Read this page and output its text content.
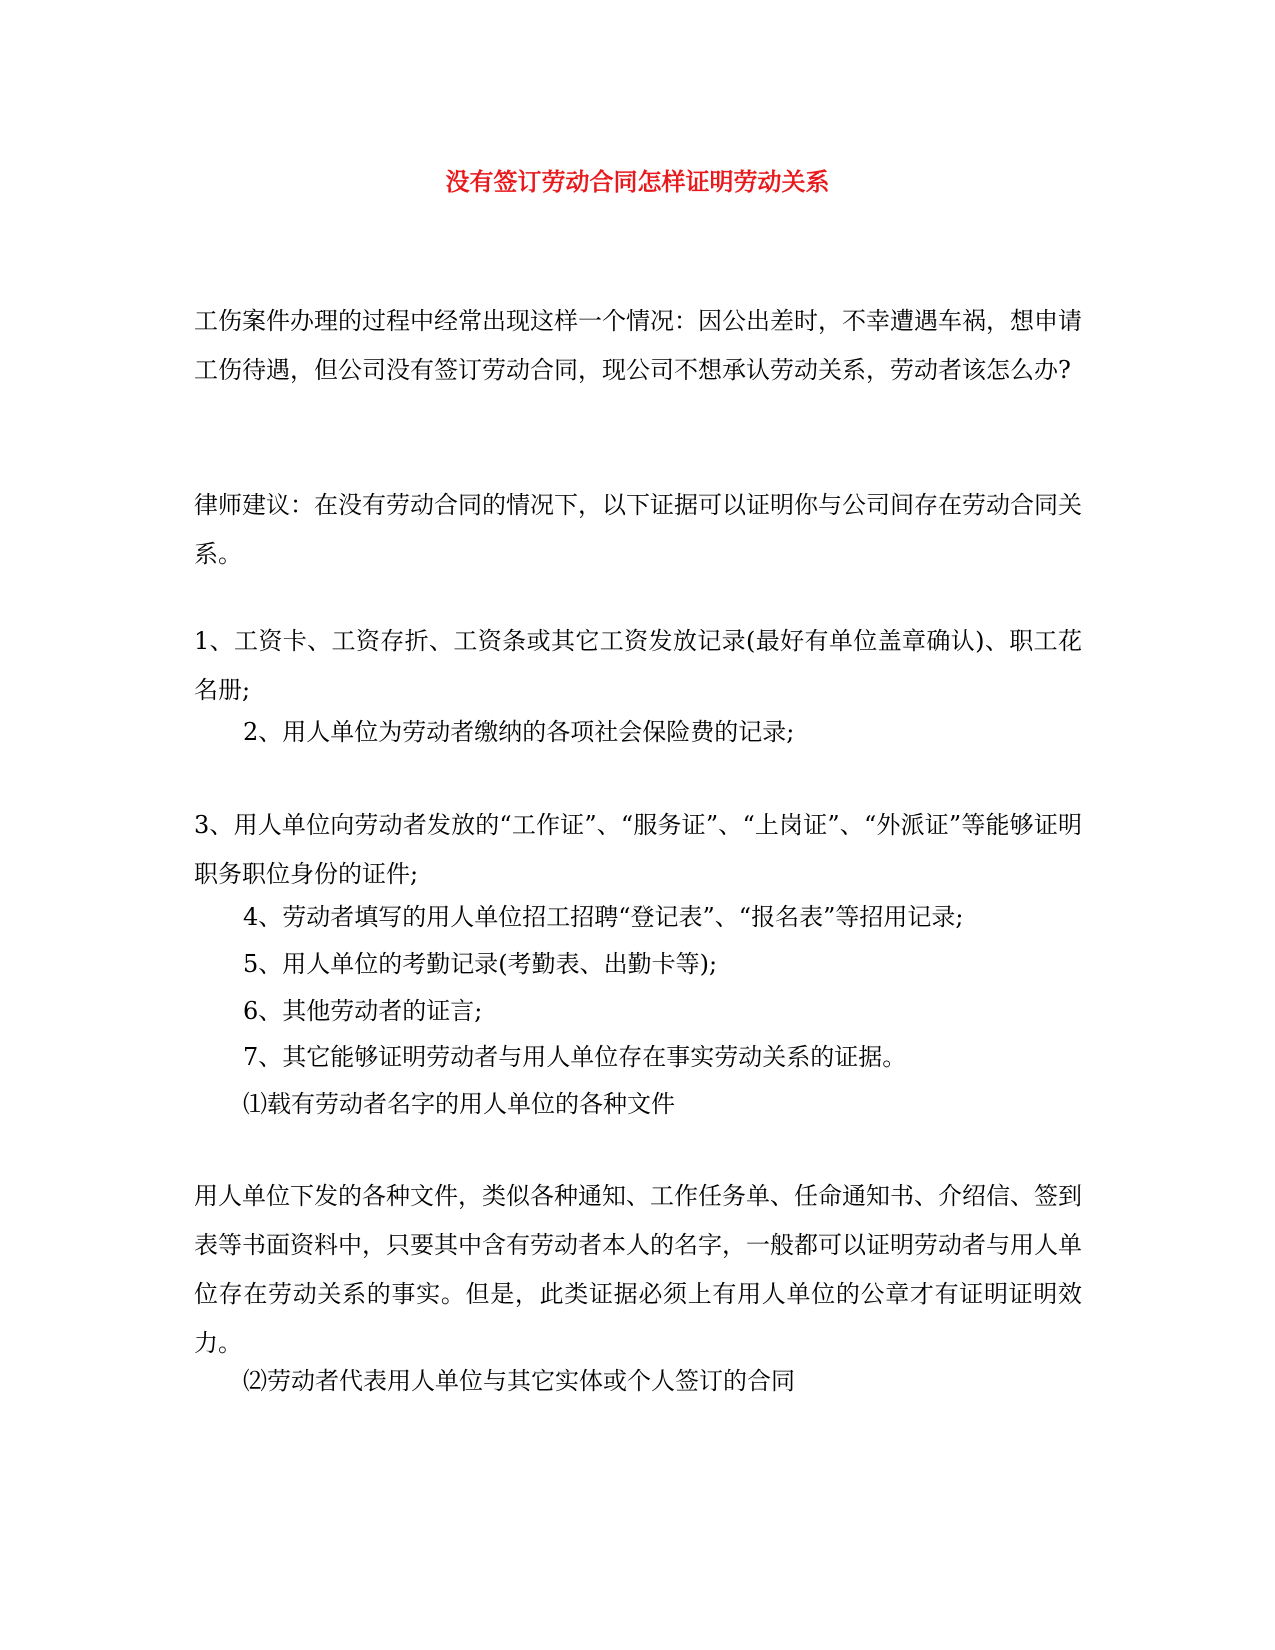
没有签订劳动合同怎样证明劳动关系

工伤案件办理的过程中经常出现这样一个情况：因公出差时，不幸遭遇车祸，想申请工伤待遇，但公司没有签订劳动合同，现公司不想承认劳动关系，劳动者该怎么办?

律师建议：在没有劳动合同的情况下，以下证据可以证明你与公司间存在劳动合同关系。

1、工资卡、工资存折、工资条或其它工资发放记录(最好有单位盖章确认)、职工花名册;

2、用人单位为劳动者缴纳的各项社会保险费的记录;

3、用人单位向劳动者发放的“工作证”、“服务证”、“上岗证”、“外派证”等能够证明职务职位身份的证件;

4、劳动者填写的用人单位招工招聘“登记表”、“报名表”等招用记录;

5、用人单位的考勤记录(考勤表、出勤卡等);

6、其他劳动者的证言;

7、其它能够证明劳动者与用人单位存在事实劳动关系的证据。

⑴载有劳动者名字的用人单位的各种文件

用人单位下发的各种文件，类似各种通知、工作任务单、任命通知书、介绍信、签到表等书面资料中，只要其中含有劳动者本人的名字，一般都可以证明劳动者与用人单位存在劳动关系的事实。但是，此类证据必须上有用人单位的公章才有证明证明效力。

⑵劳动者代表用人单位与其它实体或个人签订的合同
